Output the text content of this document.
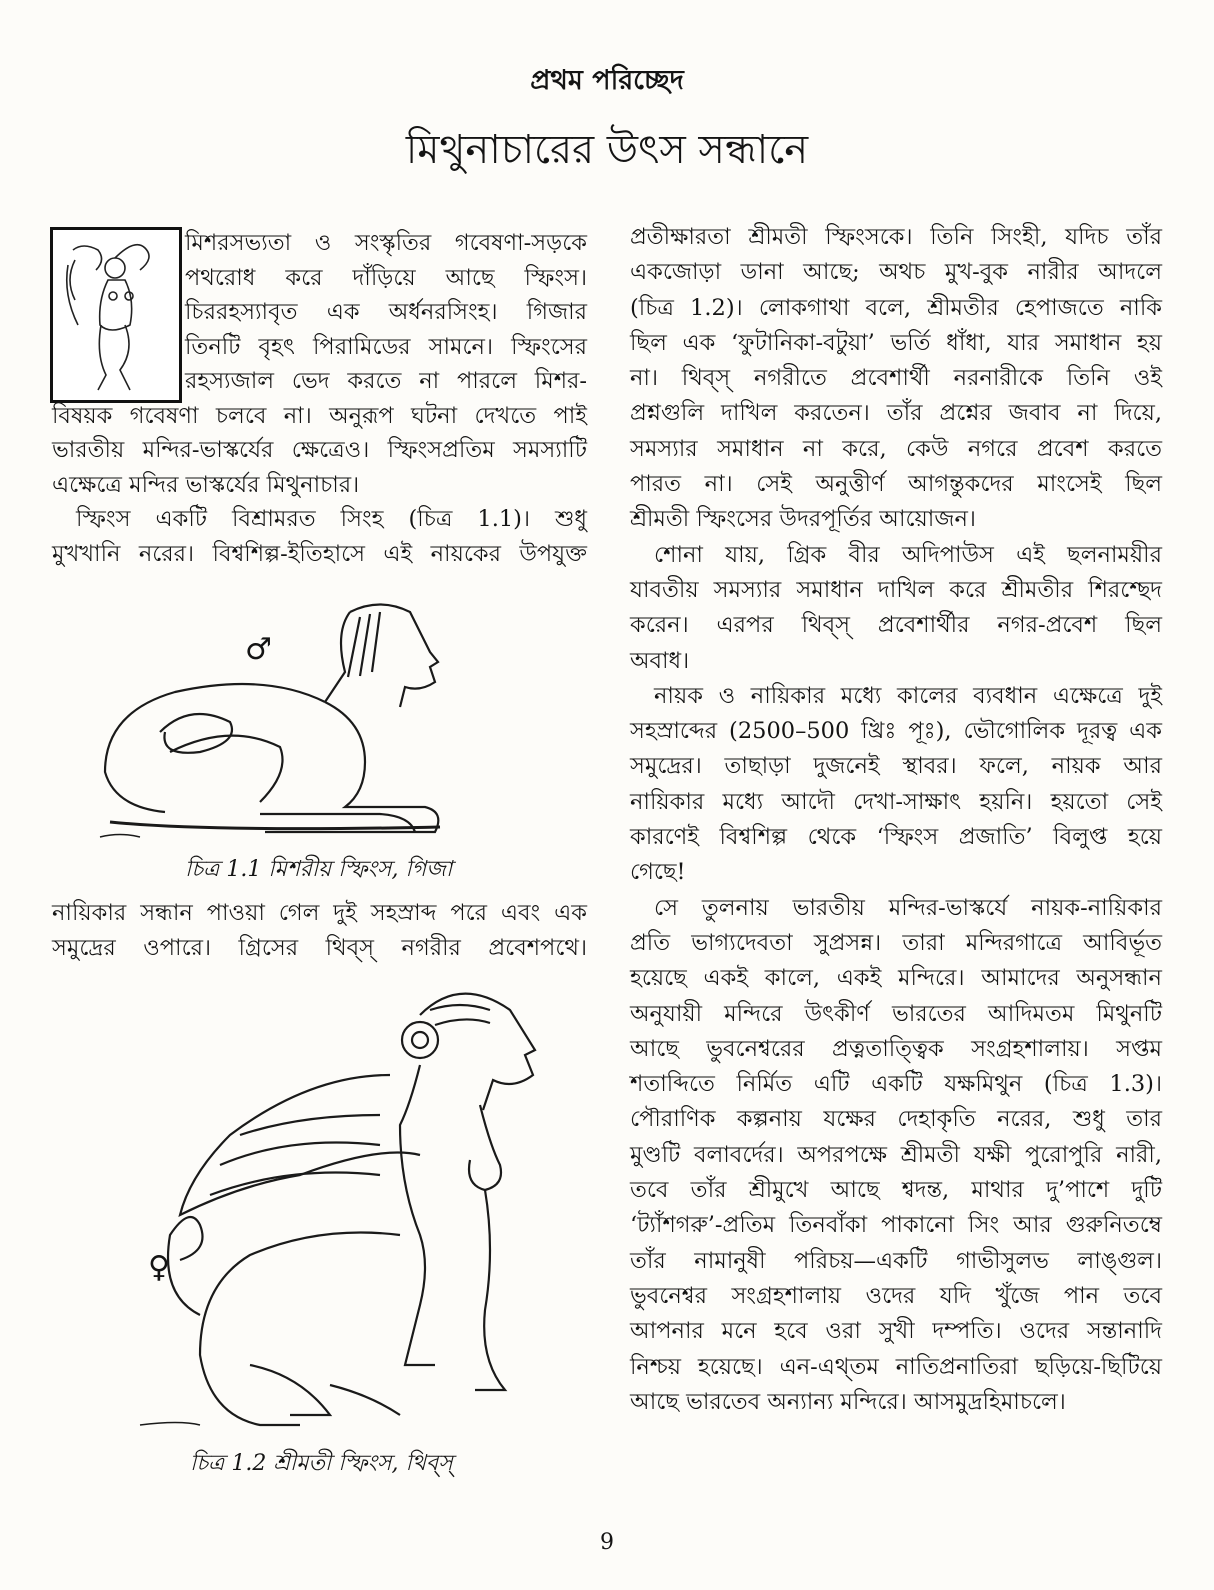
প্রথম পরিচ্ছেদ
মিথুনাচারের উৎস সন্ধানে
মিশরসভ্যতা ও সংস্কৃতির গবেষণা-সড়কে
পথরোধ করে দাঁড়িয়ে আছে স্ফিংস।
চিররহস্যাবৃত এক অর্ধনরসিংহ। গিজার
তিনটি বৃহৎ পিরামিডের সামনে। স্ফিংসের
রহস্যজাল ভেদ করতে না পারলে মিশর-
বিষয়ক গবেষণা চলবে না। অনুরূপ ঘটনা দেখতে পাই
ভারতীয় মন্দির-ভাস্কর্যের ক্ষেত্রেও। স্ফিংসপ্রতিম সমস্যাটি
এক্ষেত্রে মন্দির ভাস্কর্যের মিথুনাচার।
স্ফিংস একটি বিশ্রামরত সিংহ (চিত্র 1.1)। শুধু
মুখখানি নরের। বিশ্বশিল্প-ইতিহাসে এই নায়কের উপযুক্ত
♂
চিত্র 1.1 মিশরীয় স্ফিংস, গিজা
নায়িকার সন্ধান পাওয়া গেল দুই সহস্রাব্দ পরে এবং এক
সমুদ্রের ওপারে। গ্রিসের থিব্স্ নগরীর প্রবেশপথে।
♀
চিত্র 1.2 শ্রীমতী স্ফিংস, থিব্স্
প্রতীক্ষারতা শ্রীমতী স্ফিংসকে। তিনি সিংহী, যদিচ তাঁর
একজোড়া ডানা আছে; অথচ মুখ-বুক নারীর আদলে
(চিত্র 1.2)। লোকগাথা বলে, শ্রীমতীর হেপাজতে নাকি
ছিল এক ‘ফুটানিকা-বটুয়া’ ভর্তি ধাঁধা, যার সমাধান হয়
না। থিব্স্ নগরীতে প্রবেশার্থী নরনারীকে তিনি ওই
প্রশ্নগুলি দাখিল করতেন। তাঁর প্রশ্নের জবাব না দিয়ে,
সমস্যার সমাধান না করে, কেউ নগরে প্রবেশ করতে
পারত না। সেই অনুত্তীর্ণ আগন্তুকদের মাংসেই ছিল
শ্রীমতী স্ফিংসের উদরপূর্তির আয়োজন।
শোনা যায়, গ্রিক বীর অদিপাউস এই ছলনাময়ীর
যাবতীয় সমস্যার সমাধান দাখিল করে শ্রীমতীর শিরশ্ছেদ
করেন। এরপর থিব্স্ প্রবেশার্থীর নগর-প্রবেশ ছিল
অবাধ।
নায়ক ও নায়িকার মধ্যে কালের ব্যবধান এক্ষেত্রে দুই
সহস্রাব্দের (2500–500 খ্রিঃ পূঃ), ভৌগোলিক দূরত্ব এক
সমুদ্রের। তাছাড়া দুজনেই স্থাবর। ফলে, নায়ক আর
নায়িকার মধ্যে আদৌ দেখা-সাক্ষাৎ হয়নি। হয়তো সেই
কারণেই বিশ্বশিল্প থেকে ‘স্ফিংস প্রজাতি’ বিলুপ্ত হয়ে
গেছে!
সে তুলনায় ভারতীয় মন্দির-ভাস্কর্যে নায়ক-নায়িকার
প্রতি ভাগ্যদেবতা সুপ্রসন্ন। তারা মন্দিরগাত্রে আবির্ভূত
হয়েছে একই কালে, একই মন্দিরে। আমাদের অনুসন্ধান
অনুযায়ী মন্দিরে উৎকীর্ণ ভারতের আদিমতম মিথুনটি
আছে ভুবনেশ্বরের প্রত্নতাত্ত্বিক সংগ্রহশালায়। সপ্তম
শতাব্দিতে নির্মিত এটি একটি যক্ষমিথুন (চিত্র 1.3)।
পৌরাণিক কল্পনায় যক্ষের দেহাকৃতি নরের, শুধু তার
মুণ্ডটি বলাবর্দের। অপরপক্ষে শ্রীমতী যক্ষী পুরোপুরি নারী,
তবে তাঁর শ্রীমুখে আছে শ্বদন্ত, মাথার দু’পাশে দুটি
‘ট্যাঁশগরু’-প্রতিম তিনবাঁকা পাকানো সিং আর গুরুনিতম্বে
তাঁর নামানুষী পরিচয়—একটি গাভীসুলভ লাঙ্গুল।
ভুবনেশ্বর সংগ্রহশালায় ওদের যদি খুঁজে পান তবে
আপনার মনে হবে ওরা সুখী দম্পতি। ওদের সন্তানাদি
নিশ্চয় হয়েছে। এন-এথ্তম নাতিপ্রনাতিরা ছড়িয়ে-ছিটিয়ে
আছে ভারতেব অন্যান্য মন্দিরে। আসমুদ্রহিমাচলে।
9
